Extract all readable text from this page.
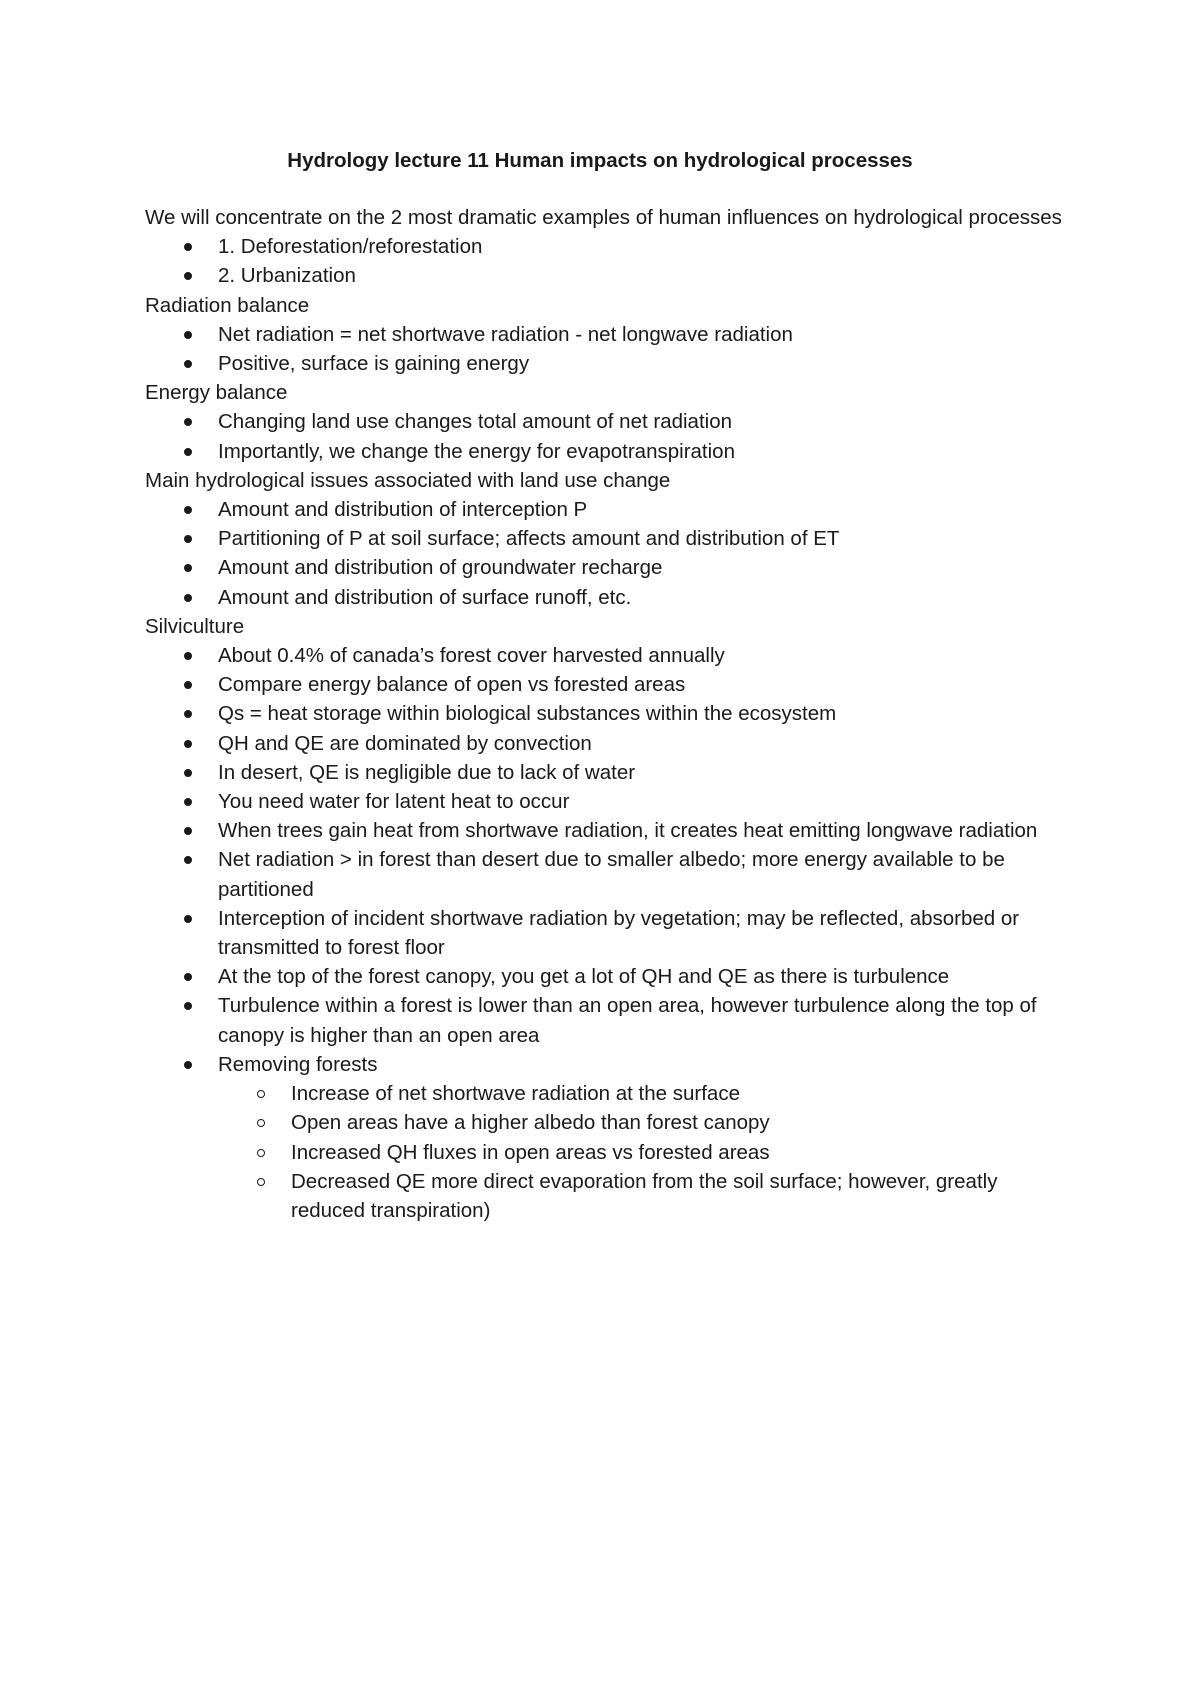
Hydrology lecture 11 Human impacts on hydrological processes

We will concentrate on the 2 most dramatic examples of human influences on hydrological processes

1. Deforestation/reforestation
2. Urbanization

Radiation balance

Net radiation = net shortwave radiation - net longwave radiation
Positive, surface is gaining energy

Energy balance

Changing land use changes total amount of net radiation
Importantly, we change the energy for evapotranspiration

Main hydrological issues associated with land use change

Amount and distribution of interception P
Partitioning of P at soil surface; affects amount and distribution of ET
Amount and distribution of groundwater recharge
Amount and distribution of surface runoff, etc.

Silviculture

About 0.4% of canada’s forest cover harvested annually
Compare energy balance of open vs forested areas
Qs = heat storage within biological substances within the ecosystem
QH and QE are dominated by convection
In desert, QE is negligible due to lack of water
You need water for latent heat to occur
When trees gain heat from shortwave radiation, it creates heat emitting longwave radiation
Net radiation > in forest than desert due to smaller albedo; more energy available to be partitioned
Interception of incident shortwave radiation by vegetation; may be reflected, absorbed or transmitted to forest floor
At the top of the forest canopy, you get a lot of QH and QE as there is turbulence
Turbulence within a forest is lower than an open area, however turbulence along the top of canopy is higher than an open area
Removing forests
Increase of net shortwave radiation at the surface
Open areas have a higher albedo than forest canopy
Increased QH fluxes in open areas vs forested areas
Decreased QE more direct evaporation from the soil surface; however, greatly reduced transpiration)
